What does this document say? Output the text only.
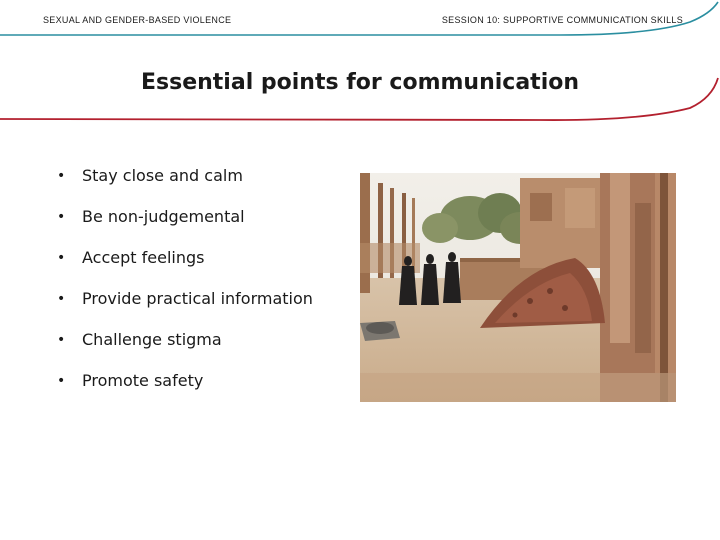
SEXUAL AND GENDER-BASED VIOLENCE	SESSION 10: SUPPORTIVE COMMUNICATION SKILLS
Essential points for communication
•	Stay close and calm
•	Be non-judgemental
•	Accept feelings
•	Provide practical information
•	Challenge stigma
•	Promote safety
